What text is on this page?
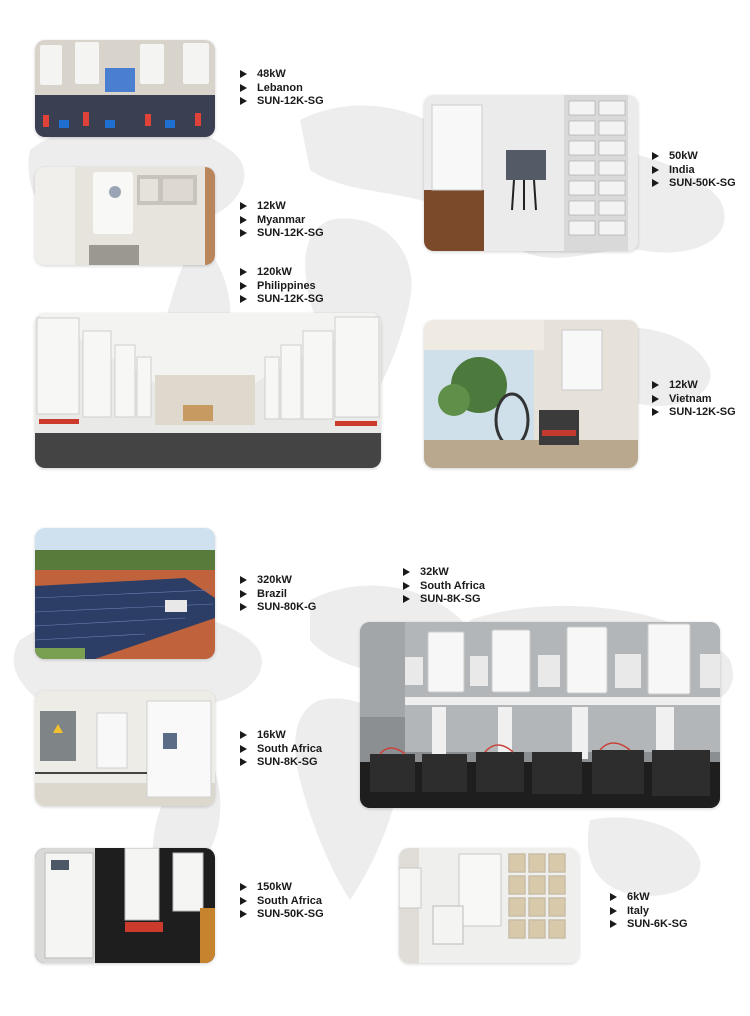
48kW
Lebanon
SUN-12K-SG
12kW
Myanmar
SUN-12K-SG
120kW
Philippines
SUN-12K-SG
50kW
India
SUN-50K-SG
12kW
Vietnam
SUN-12K-SG
320kW
Brazil
SUN-80K-G
32kW
South Africa
SUN-8K-SG
16kW
South Africa
SUN-8K-SG
150kW
South Africa
SUN-50K-SG
6kW
Italy
SUN-6K-SG
